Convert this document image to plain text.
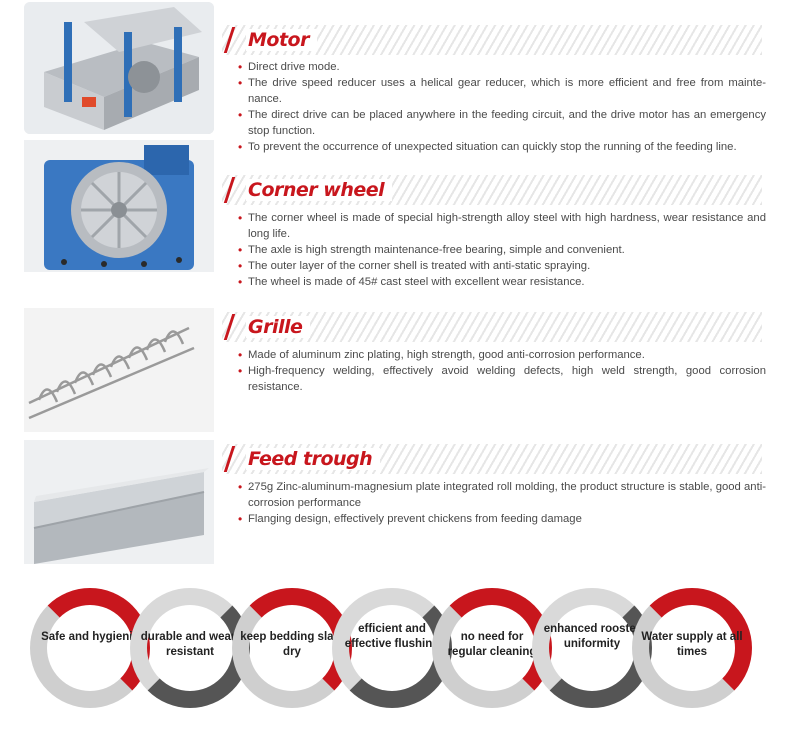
Motor
• Direct drive mode.
• The drive speed reducer uses a helical gear reducer, which is more efficient and free from mainte-nance.
• The direct drive can be placed anywhere in the feeding circuit, and the drive motor has an emergency stop function.
• To prevent the occurrence of unexpected situation can quickly stop the running of the feeding line.
Corner wheel
• The corner wheel is made of special high-strength alloy steel with high hardness, wear resistance and long life.
• The axle is high strength maintenance-free bearing, simple and convenient.
• The outer layer of the corner shell is treated with anti-static spraying.
• The wheel is made of 45# cast steel with excellent wear resistance.
Grille
• Made of aluminum zinc plating, high strength, good anti-corrosion performance.
• High-frequency welding, effectively avoid welding defects, high weld strength, good corrosion resistance.
Feed trough
• 275g Zinc-aluminum-magnesium plate integrated roll molding, the product structure is stable, good anti-corrosion performance
• Flanging design, effectively prevent chickens from feeding damage
Safe and hygienic durable and wear-resistant
keep bedding slats dry
efficient and effective flushing
no need for regular cleaning
enhanced rooster uniformity
Water supply at all times
